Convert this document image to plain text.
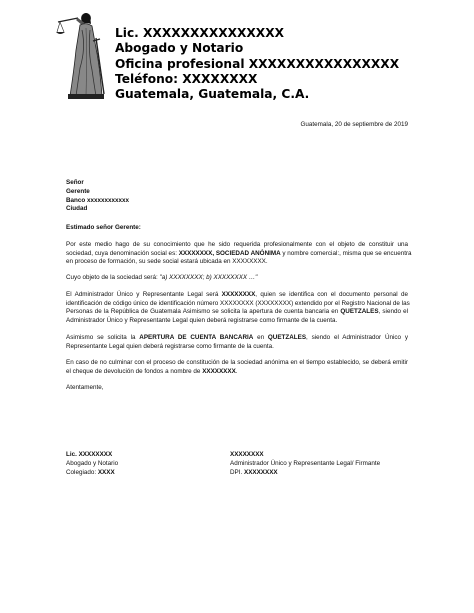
Lic. XXXXXXXXXXXXXXX
Abogado y Notario
Oficina profesional XXXXXXXXXXXXXXXX
Teléfono: XXXXXXXX
Guatemala, Guatemala, C.A.
Guatemala, 20 de septiembre de 2019
Señor
Gerente
Banco xxxxxxxxxxxx
Ciudad
Estimado señor Gerente:
Por este medio hago de su conocimiento que he sido requerida profesionalmente con el objeto de constituir una
sociedad, cuya denominación social es: XXXXXXXX, SOCIEDAD ANÓNIMA y nombre comercial:, misma que se encuentra
en proceso de formación, su sede social estará ubicada en XXXXXXXX.
Cuyo objeto de la sociedad será: "a) XXXXXXXX; b) XXXXXXXX …"
El Administrador Único y Representante Legal será XXXXXXXX, quien se identifica con el documento personal de
identificación de código único de identificación número XXXXXXXX (XXXXXXXX) extendido por el Registro Nacional de las
Personas de la República de Guatemala Asimismo se solicita la apertura de cuenta bancaria en QUETZALES, siendo el
Administrador Único y Representante Legal quien deberá registrarse como firmante de la cuenta.
Asimismo se solicita la APERTURA DE CUENTA BANCARIA en QUETZALES, siendo el Administrador Único y
Representante Legal quien deberá registrarse como firmante de la cuenta.
En caso de no culminar con el proceso de constitución de la sociedad anónima en el tiempo establecido, se deberá emitir
el cheque de devolución de fondos a nombre de XXXXXXXX.
Atentamente,
Lic. XXXXXXXX
Abogado y Notario
Colegiado: XXXX
XXXXXXXX
Administrador Único y Representante Legal/ Firmante
DPI. XXXXXXXX
